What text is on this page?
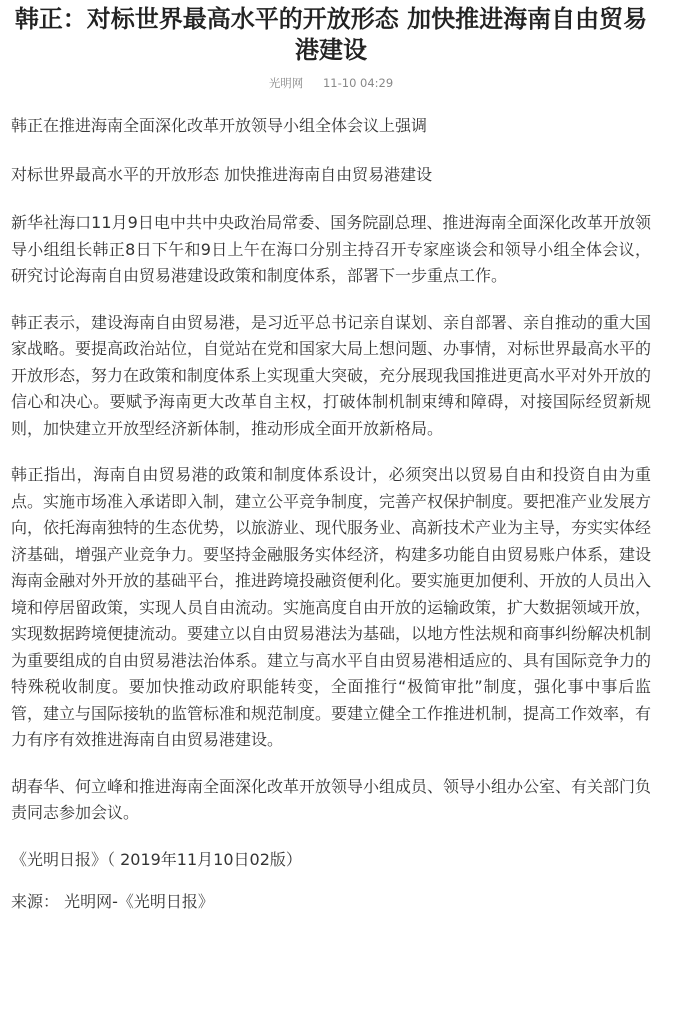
韩正：对标世界最高水平的开放形态 加快推进海南自由贸易港建设
光明网 11-10 04:29

韩正在推进海南全面深化改革开放领导小组全体会议上强调

对标世界最高水平的开放形态 加快推进海南自由贸易港建设

新华社海口11月9日电中共中央政治局常委、国务院副总理、推进海南全面深化改革开放领导小组组长韩正8日下午和9日上午在海口分别主持召开专家座谈会和领导小组全体会议，研究讨论海南自由贸易港建设政策和制度体系，部署下一步重点工作。

韩正表示，建设海南自由贸易港，是习近平总书记亲自谋划、亲自部署、亲自推动的重大国家战略。要提高政治站位，自觉站在党和国家大局上想问题、办事情，对标世界最高水平的开放形态，努力在政策和制度体系上实现重大突破，充分展现我国推进更高水平对外开放的信心和决心。要赋予海南更大改革自主权，打破体制机制束缚和障碍，对接国际经贸新规则，加快建立开放型经济新体制，推动形成全面开放新格局。

韩正指出，海南自由贸易港的政策和制度体系设计，必须突出以贸易自由和投资自由为重点。实施市场准入承诺即入制，建立公平竞争制度，完善产权保护制度。要把准产业发展方向，依托海南独特的生态优势，以旅游业、现代服务业、高新技术产业为主导，夯实实体经济基础，增强产业竞争力。要坚持金融服务实体经济，构建多功能自由贸易账户体系，建设海南金融对外开放的基础平台，推进跨境投融资便利化。要实施更加便利、开放的人员出入境和停居留政策，实现人员自由流动。实施高度自由开放的运输政策，扩大数据领域开放，实现数据跨境便捷流动。要建立以自由贸易港法为基础，以地方性法规和商事纠纷解决机制为重要组成的自由贸易港法治体系。建立与高水平自由贸易港相适应的、具有国际竞争力的特殊税收制度。要加快推动政府职能转变，全面推行“极简审批”制度，强化事中事后监管，建立与国际接轨的监管标准和规范制度。要建立健全工作推进机制，提高工作效率，有力有序有效推进海南自由贸易港建设。

胡春华、何立峰和推进海南全面深化改革开放领导小组成员、领导小组办公室、有关部门负责同志参加会议。

《光明日报》（ 2019年11月10日02版）

来源： 光明网-《光明日报》
